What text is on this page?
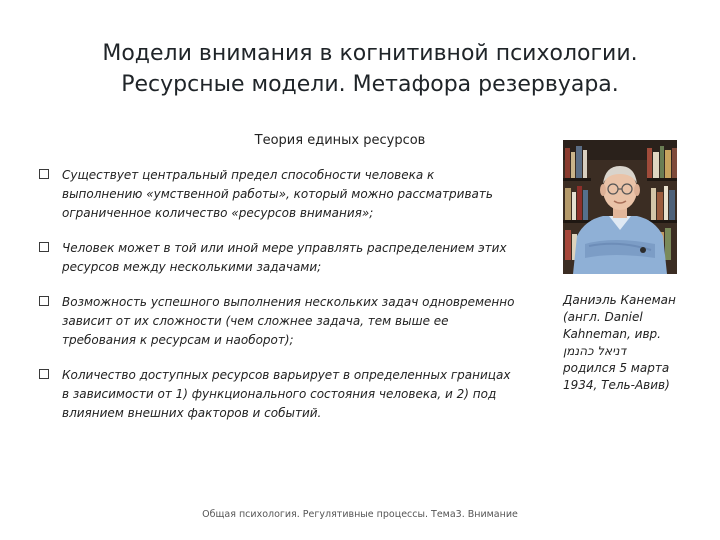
Модели внимания в когнитивной психологии.
Ресурсные модели. Метафора резервуара.
Теория единых ресурсов
Существует центральный предел способности человека к выполнению «умственной работы», который можно рассматривать ограниченное количество «ресурсов внимания»;
Человек может в той или иной мере управлять распределением этих ресурсов между несколькими задачами;
Возможность успешного выполнения нескольких задач одновременно зависит от их сложности (чем сложнее задача, тем выше ее требования к ресурсам и наоборот);
Количество доступных ресурсов варьирует в определенных границах в зависимости от 1) функционального состояния человека, и 2) под влиянием внешних факторов и событий.
Даниэль Канеман
(англ. Daniel
Kahneman, ивр.
דניאל כהנמן
родился 5 марта
1934, Тель-Авив)
Общая психология. Регулятивные процессы. Тема3. Внимание
